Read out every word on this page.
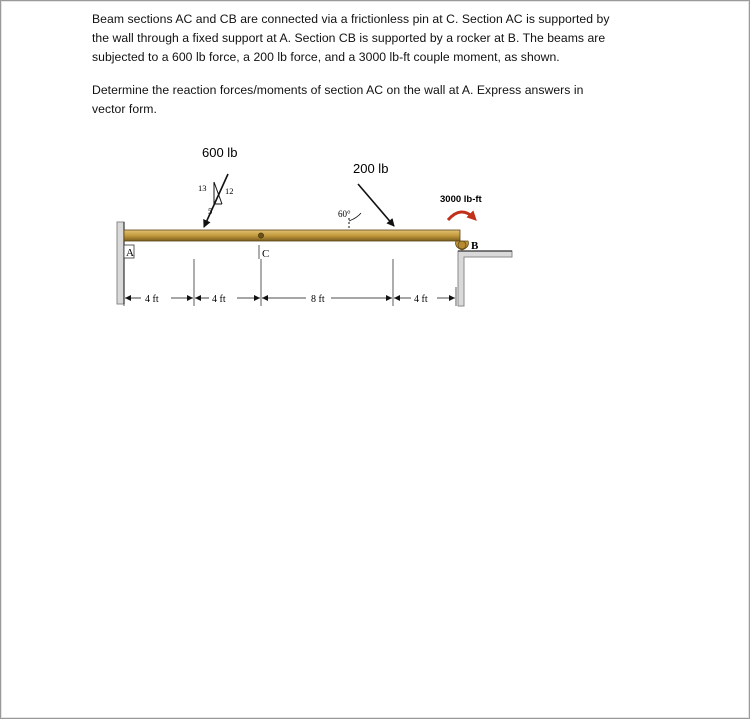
Beam sections AC and CB are connected via a frictionless pin at C. Section AC is supported by

the wall through a fixed support at A. Section CB is supported by a rocker at B. The beams are

subjected to a 600 lb force, a 200 lb force, and a 3000 lb-ft couple moment, as shown.

Determine the reaction forces/moments of section AC on the wall at A. Express answers in

vector form.

13 12
5
600 lb
60°
200 lb
3000 lb-ft
A	C
B
4 ft	4 ft	8 ft	4 ft
